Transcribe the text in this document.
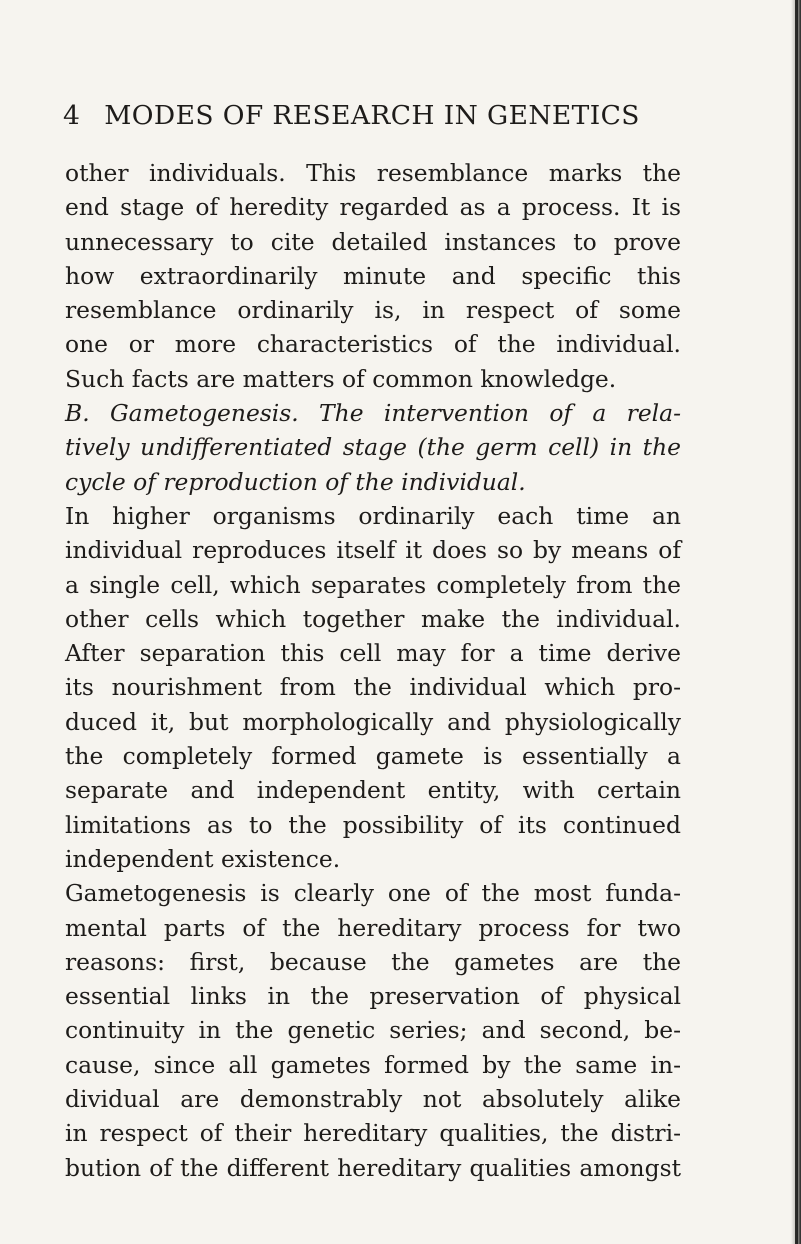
4 MODES OF RESEARCH IN GENETICS
other individuals. This resemblance marks the
end stage of heredity regarded as a process. It is
unnecessary to cite detailed instances to prove
how extraordinarily minute and specific this
resemblance ordinarily is, in respect of some
one or more characteristics of the individual.
Such facts are matters of common knowledge.
B. Gametogenesis. The intervention of a rela-
tively undifferentiated stage (the germ cell) in the
cycle of reproduction of the individual.
In higher organisms ordinarily each time an
individual reproduces itself it does so by means of
a single cell, which separates completely from the
other cells which together make the individual.
After separation this cell may for a time derive
its nourishment from the individual which pro-
duced it, but morphologically and physiologically
the completely formed gamete is essentially a
separate and independent entity, with certain
limitations as to the possibility of its continued
independent existence.
Gametogenesis is clearly one of the most funda-
mental parts of the hereditary process for two
reasons: first, because the gametes are the
essential links in the preservation of physical
continuity in the genetic series; and second, be-
cause, since all gametes formed by the same in-
dividual are demonstrably not absolutely alike
in respect of their hereditary qualities, the distri-
bution of the different hereditary qualities amongst
